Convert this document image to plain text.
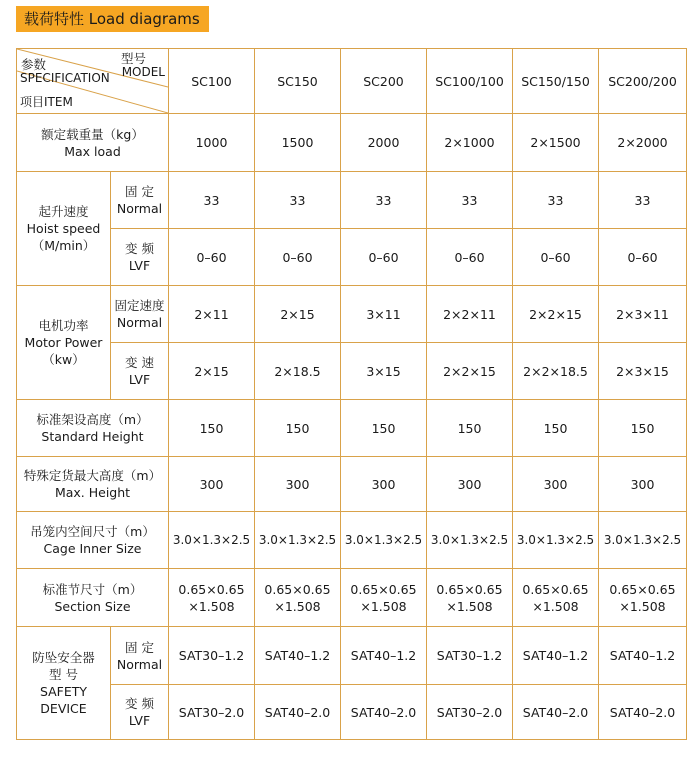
载荷特性 Load diagrams
参数
SPECIFICATION
项目ITEM
型号
MODEL		SC100	SC150	SC200	SC100/100	SC150/150	SC200/200

额定载重量（kg）
Max load		1000	1500	2000	2×1000	2×1500	2×2000

起升速度
Hoist speed
（M/min）	固 定
Normal	33	33	33	33	33	33

	变 频
LVF	0–60	0–60	0–60	0–60	0–60	0–60

电机功率
Motor Power
（kw）	固定速度
Normal	2×11	2×15	3×11	2×2×11	2×2×15	2×3×11

	变 速
LVF	2×15	2×18.5	3×15	2×2×15	2×2×18.5	2×3×15

标准架设高度（m）
Standard Height		150	150	150	150	150	150

特殊定货最大高度（m）
Max. Height		300	300	300	300	300	300

吊笼内空间尺寸（m）
Cage Inner Size		3.0×1.3×2.5	3.0×1.3×2.5	3.0×1.3×2.5	3.0×1.3×2.5	3.0×1.3×2.5	3.0×1.3×2.5

标准节尺寸（m）
Section Size		0.65×0.65
×1.508	0.65×0.65
×1.508	0.65×0.65
×1.508	0.65×0.65
×1.508	0.65×0.65
×1.508	0.65×0.65
×1.508

防坠安全器
型 号
SAFETY
DEVICE	固 定
Normal	SAT30–1.2	SAT40–1.2	SAT40–1.2	SAT30–1.2	SAT40–1.2	SAT40–1.2

	变 频
LVF	SAT30–2.0	SAT40–2.0	SAT40–2.0	SAT30–2.0	SAT40–2.0	SAT40–2.0
